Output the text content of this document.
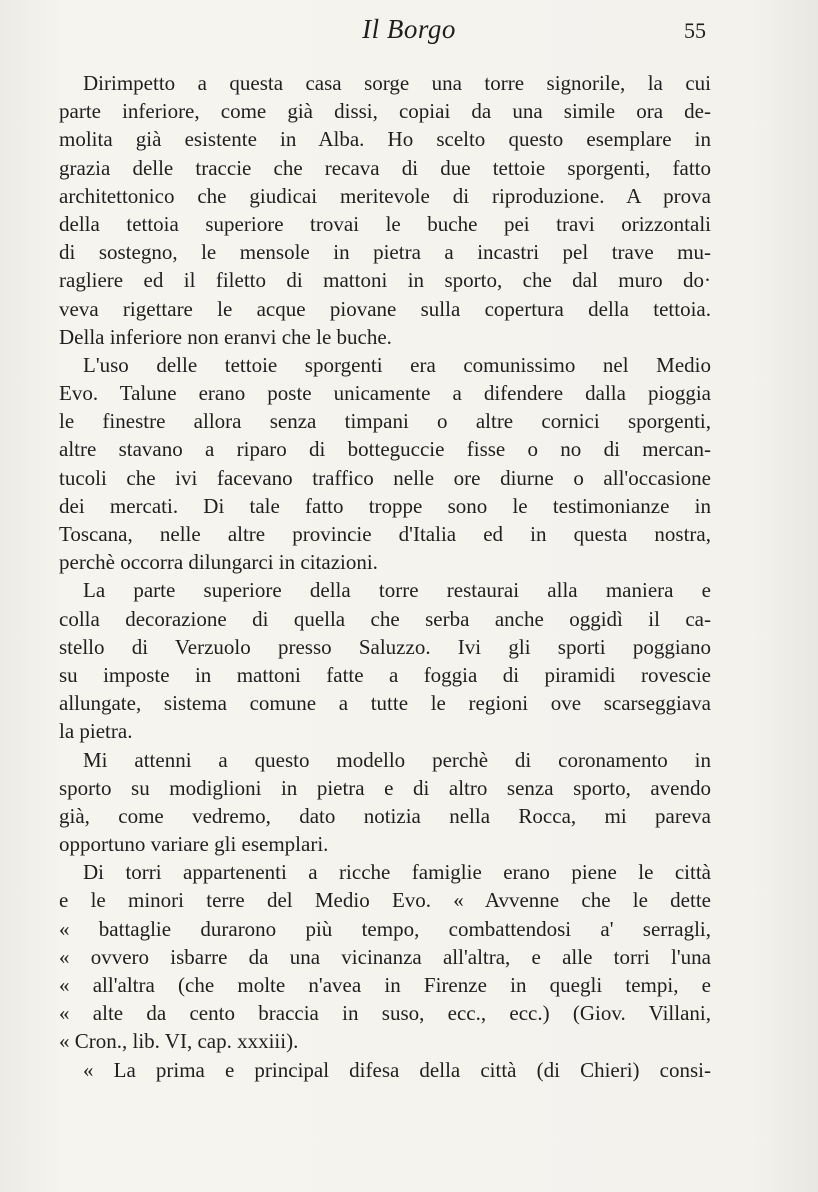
Il Borgo	55
Dirimpetto a questa casa sorge una torre signorile, la cui
parte inferiore, come già dissi, copiai da una simile ora de-
molita già esistente in Alba. Ho scelto questo esemplare in
grazia delle traccie che recava di due tettoie sporgenti, fatto
architettonico che giudicai meritevole di riproduzione. A prova
della tettoia superiore trovai le buche pei travi orizzontali
di sostegno, le mensole in pietra a incastri pel trave mu-
ragliere ed il filetto di mattoni in sporto, che dal muro do·
veva rigettare le acque piovane sulla copertura della tettoia.
Della inferiore non eranvi che le buche.
L'uso delle tettoie sporgenti era comunissimo nel Medio
Evo. Talune erano poste unicamente a difendere dalla pioggia
le finestre allora senza timpani o altre cornici sporgenti,
altre stavano a riparo di botteguccie fisse o no di mercan-
tucoli che ivi facevano traffico nelle ore diurne o all'occasione
dei mercati. Di tale fatto troppe sono le testimonianze in
Toscana, nelle altre provincie d'Italia ed in questa nostra,
perchè occorra dilungarci in citazioni.
La parte superiore della torre restaurai alla maniera e
colla decorazione di quella che serba anche oggidì il ca-
stello di Verzuolo presso Saluzzo. Ivi gli sporti poggiano
su imposte in mattoni fatte a foggia di piramidi rovescie
allungate, sistema comune a tutte le regioni ove scarseggiava
la pietra.
Mi attenni a questo modello perchè di coronamento in
sporto su modiglioni in pietra e di altro senza sporto, avendo
già, come vedremo, dato notizia nella Rocca, mi pareva
opportuno variare gli esemplari.
Di torri appartenenti a ricche famiglie erano piene le città
e le minori terre del Medio Evo. « Avvenne che le dette
« battaglie durarono più tempo, combattendosi a' serragli,
« ovvero isbarre da una vicinanza all'altra, e alle torri l'una
« all'altra (che molte n'avea in Firenze in quegli tempi, e
« alte da cento braccia in suso, ecc., ecc.) (Giov. Villani,
« Cron., lib. VI, cap. xxxiii).
« La prima e principal difesa della città (di Chieri) consi-
